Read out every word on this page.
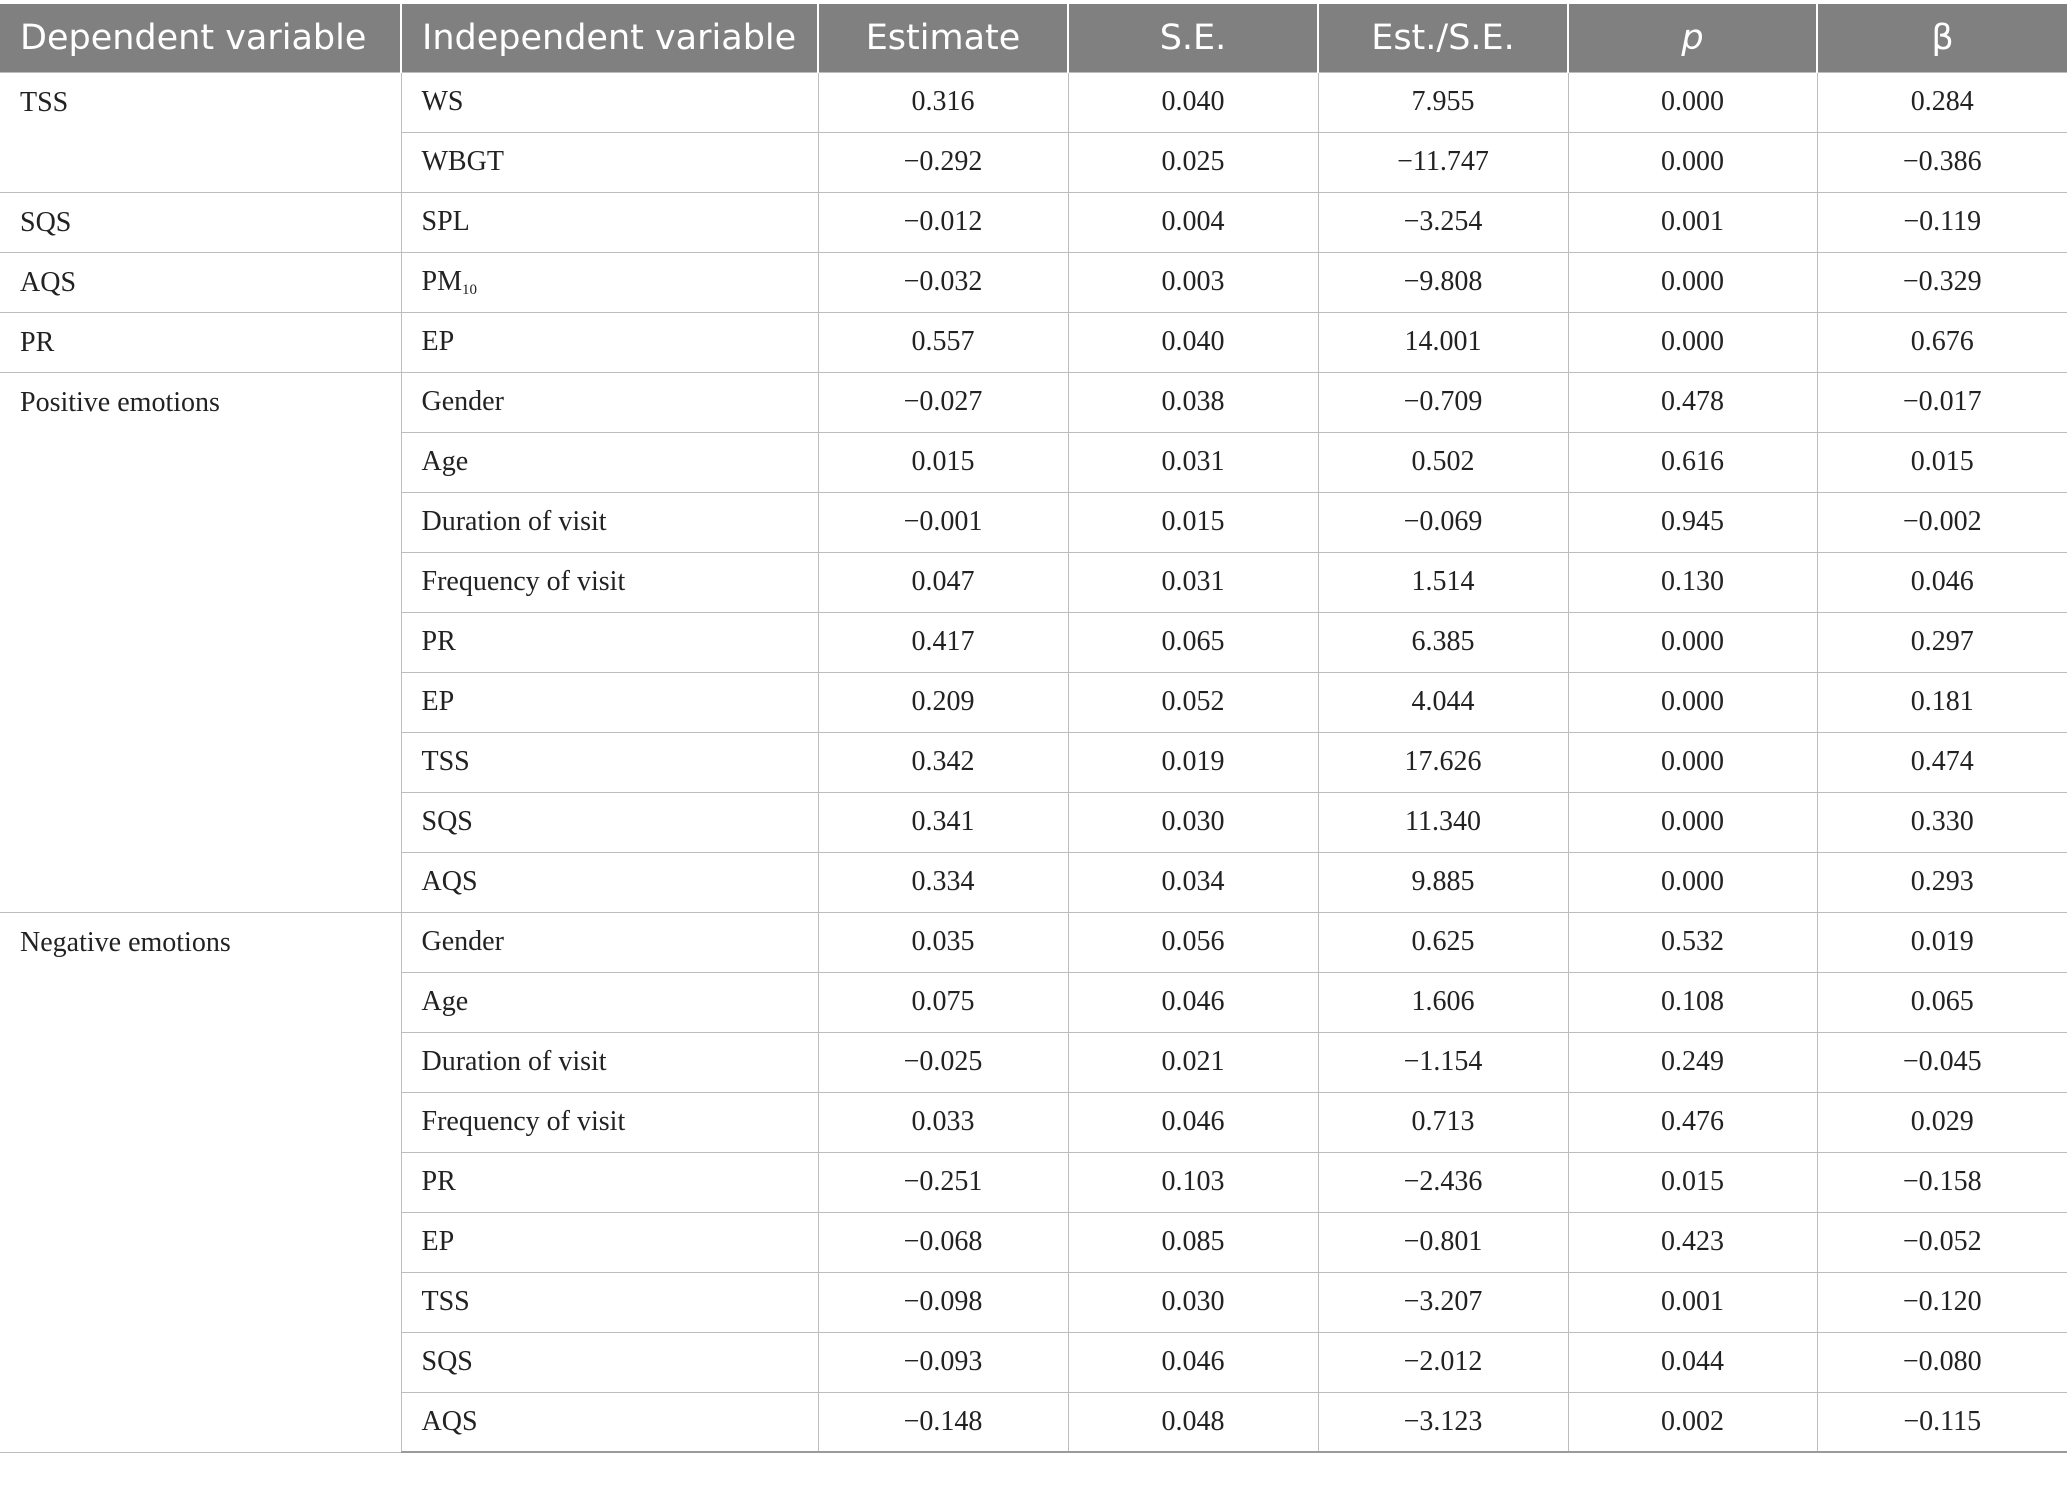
Dependent variable	Independent variable	Estimate	S.E.	Est./S.E.	p	β
TSS	WS	0.316	0.040	7.955	0.000	0.284
	WBGT	−0.292	0.025	−11.747	0.000	−0.386
SQS	SPL	−0.012	0.004	−3.254	0.001	−0.119
AQS	$PM_{10}$	−0.032	0.003	−9.808	0.000	−0.329
PR	EP	0.557	0.040	14.001	0.000	0.676
Positive emotions	Gender	−0.027	0.038	−0.709	0.478	−0.017
	Age	0.015	0.031	0.502	0.616	0.015
	Duration of visit	−0.001	0.015	−0.069	0.945	−0.002
	Frequency of visit	0.047	0.031	1.514	0.130	0.046
	PR	0.417	0.065	6.385	0.000	0.297
	EP	0.209	0.052	4.044	0.000	0.181
	TSS	0.342	0.019	17.626	0.000	0.474
	SQS	0.341	0.030	11.340	0.000	0.330
	AQS	0.334	0.034	9.885	0.000	0.293
Negative emotions	Gender	0.035	0.056	0.625	0.532	0.019
	Age	0.075	0.046	1.606	0.108	0.065
	Duration of visit	−0.025	0.021	−1.154	0.249	−0.045
	Frequency of visit	0.033	0.046	0.713	0.476	0.029
	PR	−0.251	0.103	−2.436	0.015	−0.158
	EP	−0.068	0.085	−0.801	0.423	−0.052
	TSS	−0.098	0.030	−3.207	0.001	−0.120
	SQS	−0.093	0.046	−2.012	0.044	−0.080
	AQS	−0.148	0.048	−3.123	0.002	−0.115
